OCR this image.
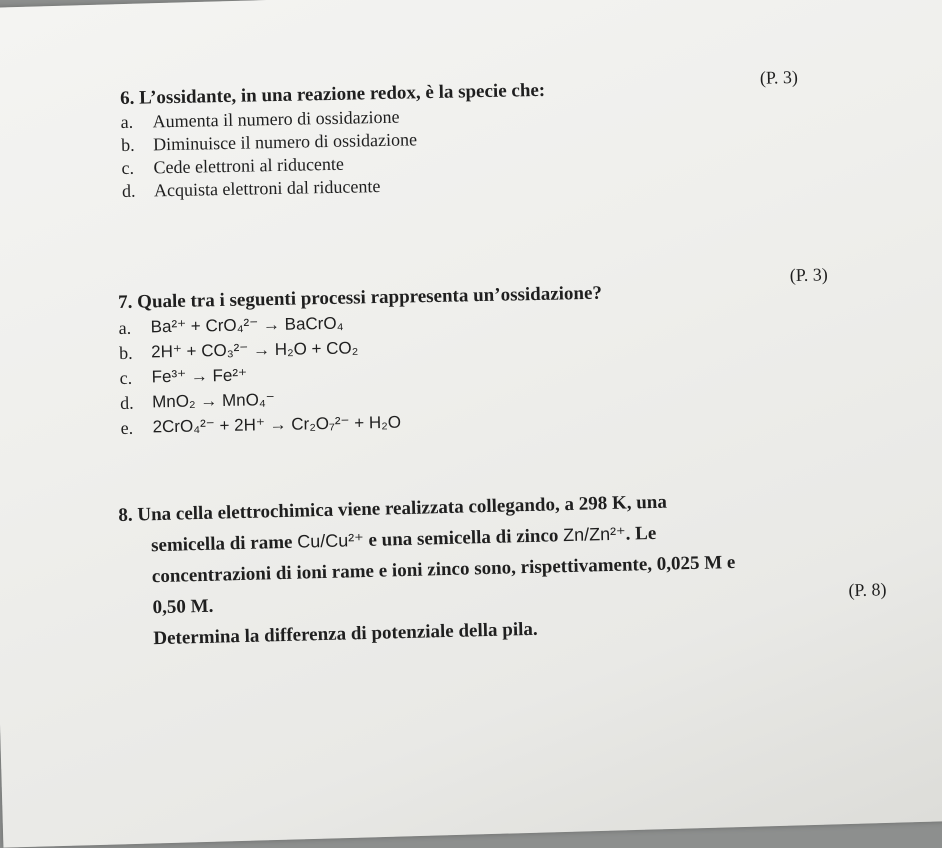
6. L’ossidante, in una reazione redox, è la specie che:
(P. 3)
a.	Aumenta il numero di ossidazione
b.	Diminuisce il numero di ossidazione
c.	Cede elettroni al riducente
d.	Acquista elettroni dal riducente
7. Quale tra i seguenti processi rappresenta un’ossidazione?
(P. 3)
a.	Ba²⁺ + CrO₄²⁻ → BaCrO₄
b.	2H⁺ + CO₃²⁻ → H₂O + CO₂
c.	Fe³⁺ → Fe²⁺
d.	MnO₂ → MnO₄⁻
e.	2CrO₄²⁻ + 2H⁺ → Cr₂O₇²⁻ + H₂O
8. Una cella elettrochimica viene realizzata collegando, a 298 K, una
semicella di rame Cu/Cu²⁺ e una semicella di zinco Zn/Zn²⁺. Le
concentrazioni di ioni rame e ioni zinco sono, rispettivamente, 0,025 M e
0,50 M.
Determina la differenza di potenziale della pila.
(P. 8)
